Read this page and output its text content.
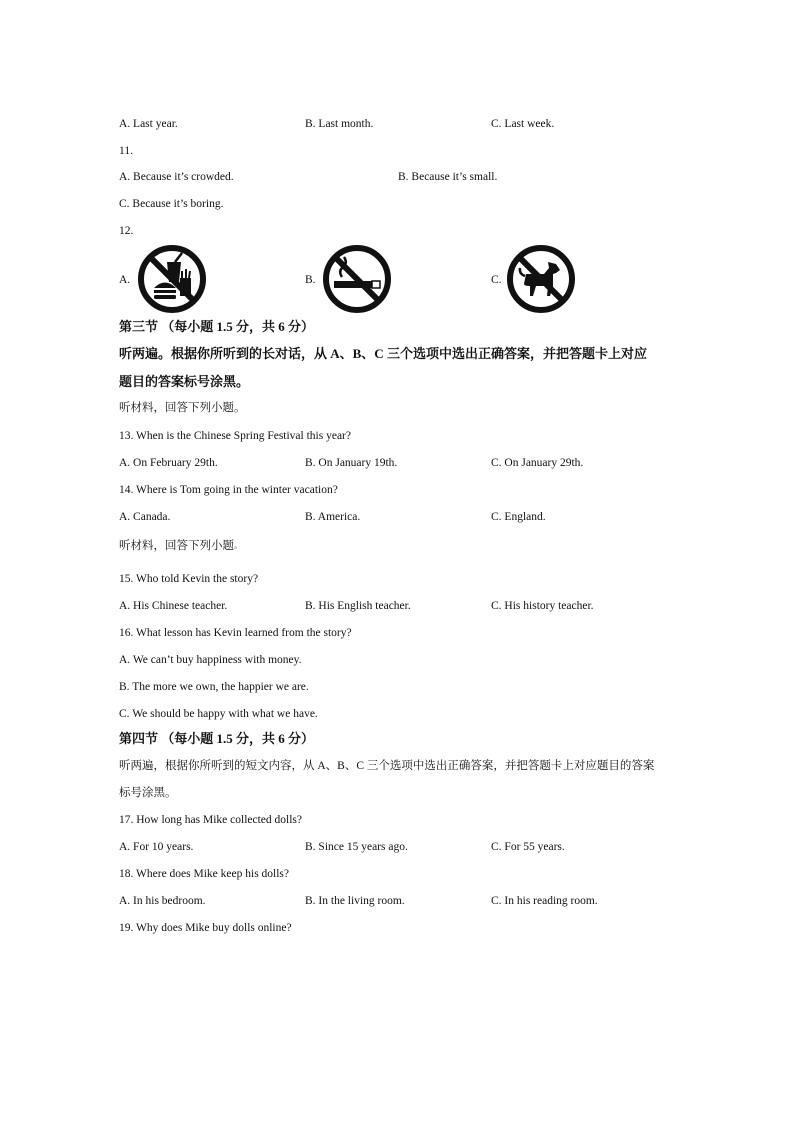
A. Last year.	B. Last month.	C. Last week.
11.
A. Because it’s crowded.	B. Because it’s small.
C. Because it’s boring.
12.
A.	B.	C.
第三节 （每小题 1.5 分，共 6 分）
听两遍。根据你所听到的长对话，从 A、B、C 三个选项中选出正确答案，并把答题卡上对应
题目的答案标号涂黑。
听材料，回答下列小题。
13. When is the Chinese Spring Festival this year?
A. On February 29th.	B. On January 19th.	C. On January 29th.
14. Where is Tom going in the winter vacation?
A. Canada.	B. America.	C. England.
听材料，回答下列小题。
15. Who told Kevin the story?
A. His Chinese teacher.	B. His English teacher.	C. His history teacher.
16. What lesson has Kevin learned from the story?
A. We can’t buy happiness with money.
B. The more we own, the happier we are.
C. We should be happy with what we have.
第四节 （每小题 1.5 分，共 6 分）
听两遍，根据你所听到的短文内容，从 A、B、C 三个选项中选出正确答案，并把答题卡上对应题目的答案
标号涂黑。
17. How long has Mike collected dolls?
A. For 10 years.	B. Since 15 years ago.	C. For 55 years.
18. Where does Mike keep his dolls?
A. In his bedroom.	B. In the living room.	C. In his reading room.
19. Why does Mike buy dolls online?
